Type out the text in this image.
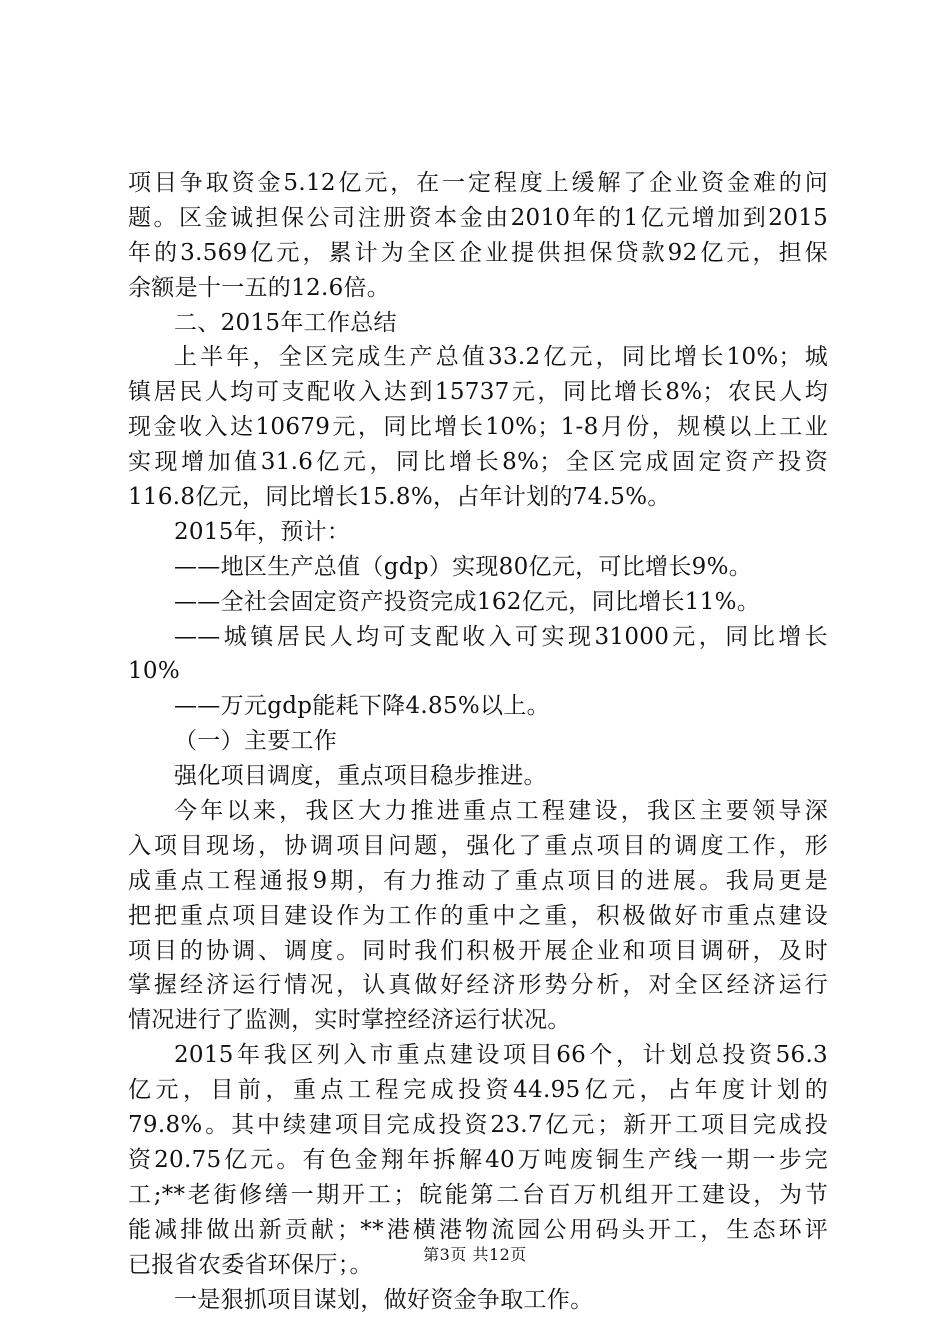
项目争取资金5.12亿元，在一定程度上缓解了企业资金难的问
题。区金诚担保公司注册资本金由2010年的1亿元增加到2015
年的3.569亿元，累计为全区企业提供担保贷款92亿元，担保
余额是十一五的12.6倍。
二、2015年工作总结
上半年，全区完成生产总值33.2亿元，同比增长10%；城
镇居民人均可支配收入达到15737元，同比增长8%；农民人均
现金收入达10679元，同比增长10%；1-8月份，规模以上工业
实现增加值31.6亿元，同比增长8%；全区完成固定资产投资
116.8亿元，同比增长15.8%，占年计划的74.5%。
2015年，预计：
——地区生产总值（gdp）实现80亿元，可比增长9%。
——全社会固定资产投资完成162亿元，同比增长11%。
——城镇居民人均可支配收入可实现31000元，同比增长
10%
——万元gdp能耗下降4.85%以上。
（一）主要工作
强化项目调度，重点项目稳步推进。
今年以来，我区大力推进重点工程建设，我区主要领导深
入项目现场，协调项目问题，强化了重点项目的调度工作，形
成重点工程通报9期，有力推动了重点项目的进展。我局更是
把把重点项目建设作为工作的重中之重，积极做好市重点建设
项目的协调、调度。同时我们积极开展企业和项目调研，及时
掌握经济运行情况，认真做好经济形势分析，对全区经济运行
情况进行了监测，实时掌控经济运行状况。
2015年我区列入市重点建设项目66个，计划总投资56.3
亿元，目前，重点工程完成投资44.95亿元，占年度计划的
79.8%。其中续建项目完成投资23.7亿元；新开工项目完成投
资20.75亿元。有色金翔年拆解40万吨废铜生产线一期一步完
工;**老街修缮一期开工；皖能第二台百万机组开工建设，为节
能减排做出新贡献；**港横港物流园公用码头开工，生态环评
已报省农委省环保厅；。
一是狠抓项目谋划，做好资金争取工作。
第3页 共12页
